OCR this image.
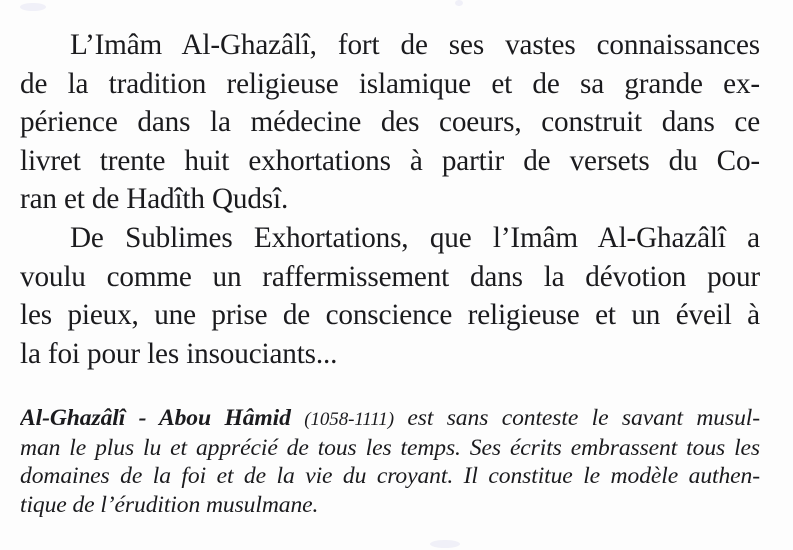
L’Imâm Al-Ghazâlî, fort de ses vastes connaissances
de la tradition religieuse islamique et de sa grande ex-
périence dans la médecine des coeurs, construit dans ce
livret trente huit exhortations à partir de versets du Co-
ran et de Hadîth Qudsî.
De Sublimes Exhortations, que l’Imâm Al-Ghazâlî a
voulu comme un raffermissement dans la dévotion pour
les pieux, une prise de conscience religieuse et un éveil à
la foi pour les insouciants...
Al-Ghazâlî - Abou Hâmid (1058-1111) est sans conteste le savant musul-
man le plus lu et apprécié de tous les temps. Ses écrits embrassent tous les
domaines de la foi et de la vie du croyant. Il constitue le modèle authen-
tique de l’érudition musulmane.
